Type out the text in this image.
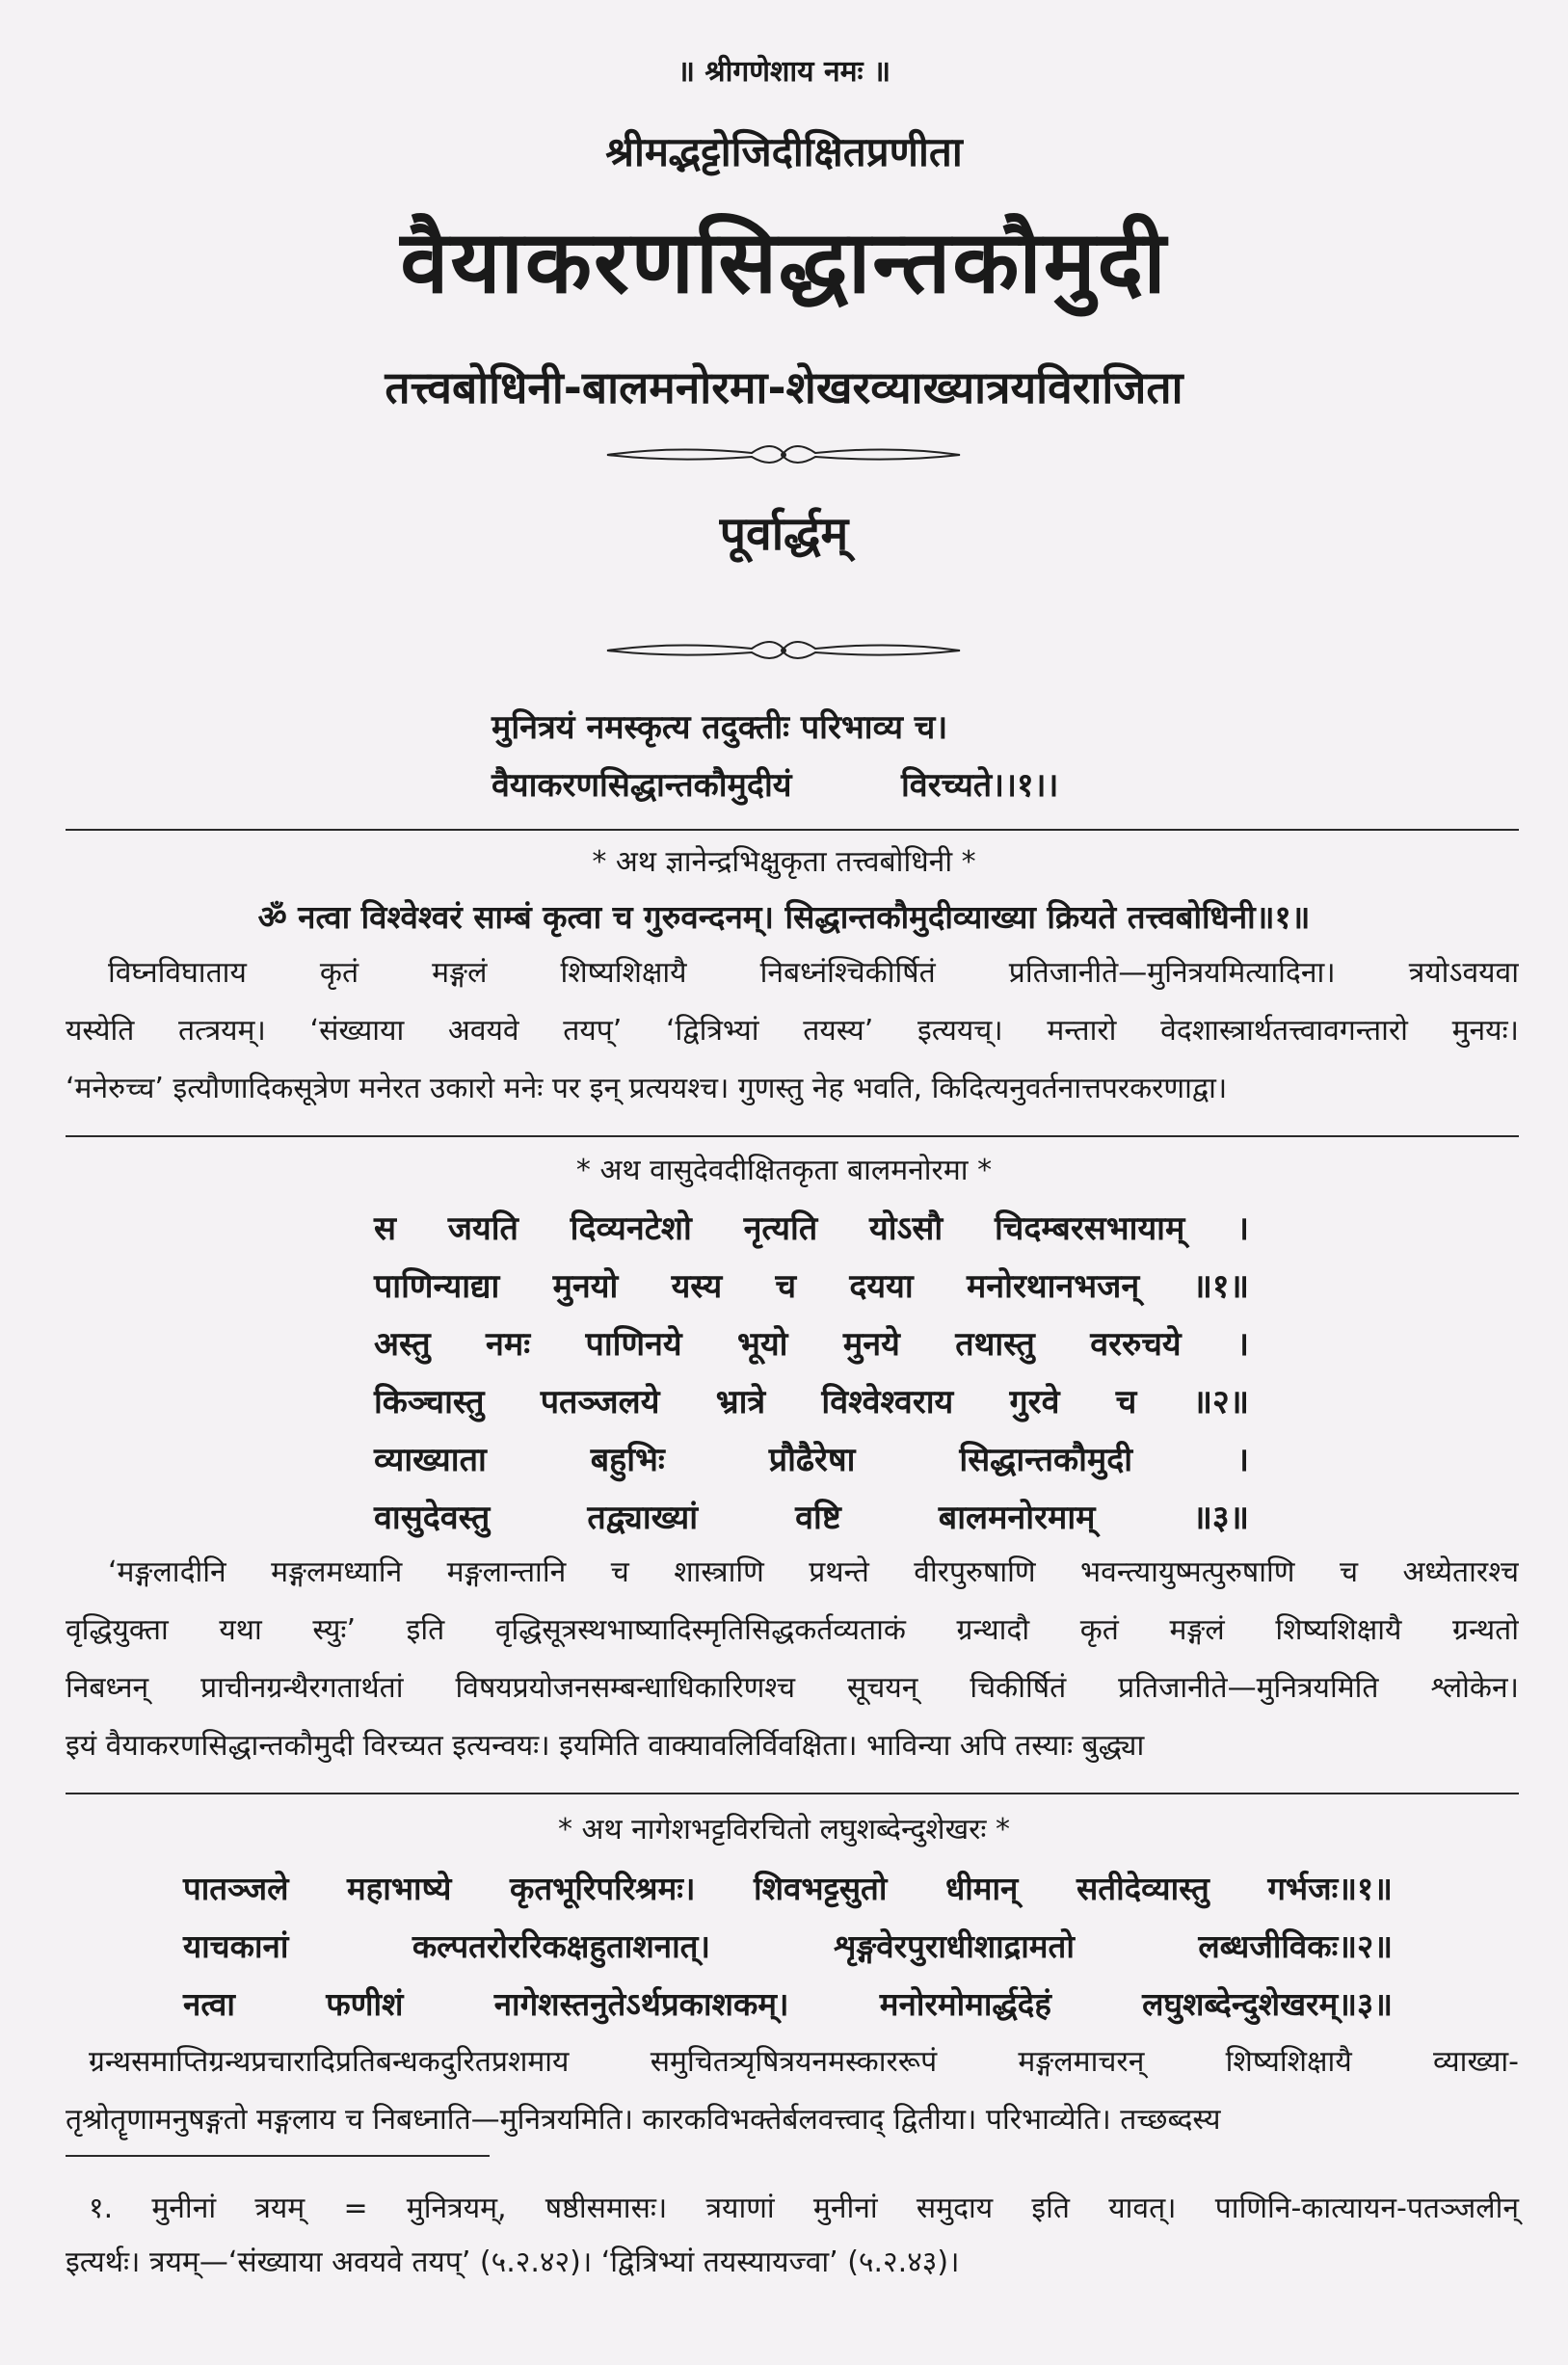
॥ श्रीगणेशाय नमः ॥
श्रीमद्भट्टोजिदीक्षितप्रणीता
वैयाकरणसिद्धान्तकौमुदी
तत्त्वबोधिनी-बालमनोरमा-शेखरव्याख्यात्रयविराजिता
पूर्वार्द्धम्
मुनित्रयं नमस्कृत्य तदुक्तीः परिभाव्य च।
वैयाकरणसिद्धान्तकौमुदीयं	विरच्यते।।१।।
* अथ ज्ञानेन्द्रभिक्षुकृता तत्त्वबोधिनी *
ॐ नत्वा विश्वेश्वरं साम्बं कृत्वा च गुरुवन्दनम्। सिद्धान्तकौमुदीव्याख्या क्रियते तत्त्वबोधिनी॥१॥
विघ्नविघाताय कृतं मङ्गलं शिष्यशिक्षायै निबध्नंश्चिकीर्षितं प्रतिजानीते—मुनित्रयमित्यादिना। त्रयोऽवयवा
यस्येति तत्त्रयम्। ‘संख्याया अवयवे तयप्’ ‘द्वित्रिभ्यां तयस्य’ इत्ययच्। मन्तारो वेदशास्त्रार्थतत्त्वावगन्तारो मुनयः।
‘मनेरुच्च’ इत्यौणादिकसूत्रेण मनेरत उकारो मनेः पर इन् प्रत्ययश्च। गुणस्तु नेह भवति, किदित्यनुवर्तनात्तपरकरणाद्वा।
* अथ वासुदेवदीक्षितकृता बालमनोरमा *
स जयति दिव्यनटेशो नृत्यति योऽसौ चिदम्बरसभायाम् ।
पाणिन्याद्या मुनयो यस्य च दयया मनोरथानभजन् ॥१॥
अस्तु नमः पाणिनये भूयो मुनये तथास्तु वररुचये ।
किञ्चास्तु पतञ्जलये भ्रात्रे विश्वेश्वराय गुरवे च ॥२॥
व्याख्याता	बहुभिः	प्रौढैरेषा	सिद्धान्तकौमुदी	।
वासुदेवस्तु	तद्व्याख्यां	वष्टि	बालमनोरमाम्	॥३॥
‘मङ्गलादीनि मङ्गलमध्यानि मङ्गलान्तानि च शास्त्राणि प्रथन्ते वीरपुरुषाणि भवन्त्यायुष्मत्पुरुषाणि च अध्येतारश्च
वृद्धियुक्ता यथा स्युः’ इति वृद्धिसूत्रस्थभाष्यादिस्मृतिसिद्धकर्तव्यताकं ग्रन्थादौ कृतं मङ्गलं शिष्यशिक्षायै ग्रन्थतो
निबध्नन् प्राचीनग्रन्थैरगतार्थतां विषयप्रयोजनसम्बन्धाधिकारिणश्च सूचयन् चिकीर्षितं प्रतिजानीते—मुनित्रयमिति श्लोकेन।
इयं वैयाकरणसिद्धान्तकौमुदी विरच्यत इत्यन्वयः। इयमिति वाक्यावलिर्विवक्षिता। भाविन्या अपि तस्याः बुद्ध्या
* अथ नागेशभट्टविरचितो लघुशब्देन्दुशेखरः *
पातञ्जले महाभाष्ये कृतभूरिपरिश्रमः। शिवभट्टसुतो धीमान् सतीदेव्यास्तु गर्भजः॥१॥
याचकानां	कल्पतरोररिकक्षहुताशनात्।	शृङ्गवेरपुराधीशाद्रामतो	लब्धजीविकः॥२॥
नत्वा	फणीशं	नागेशस्तनुतेऽर्थप्रकाशकम्।	मनोरमोमार्द्धदेहं	लघुशब्देन्दुशेखरम्॥३॥
ग्रन्थसमाप्तिग्रन्थप्रचारादिप्रतिबन्धकदुरितप्रशमाय समुचितत्र्यृषित्रयनमस्काररूपं मङ्गलमाचरन् शिष्यशिक्षायै व्याख्या-
तृश्रोतॄणामनुषङ्गतो मङ्गलाय च निबध्नाति—मुनित्रयमिति। कारकविभक्तेर्बलवत्त्वाद् द्वितीया। परिभाव्येति। तच्छब्दस्य
१. मुनीनां त्रयम् = मुनित्रयम्, षष्ठीसमासः। त्रयाणां मुनीनां समुदाय इति यावत्। पाणिनि-कात्यायन-पतञ्जलीन्
इत्यर्थः। त्रयम्—‘संख्याया अवयवे तयप्’ (५.२.४२)। ‘द्वित्रिभ्यां तयस्यायज्वा’ (५.२.४३)।
